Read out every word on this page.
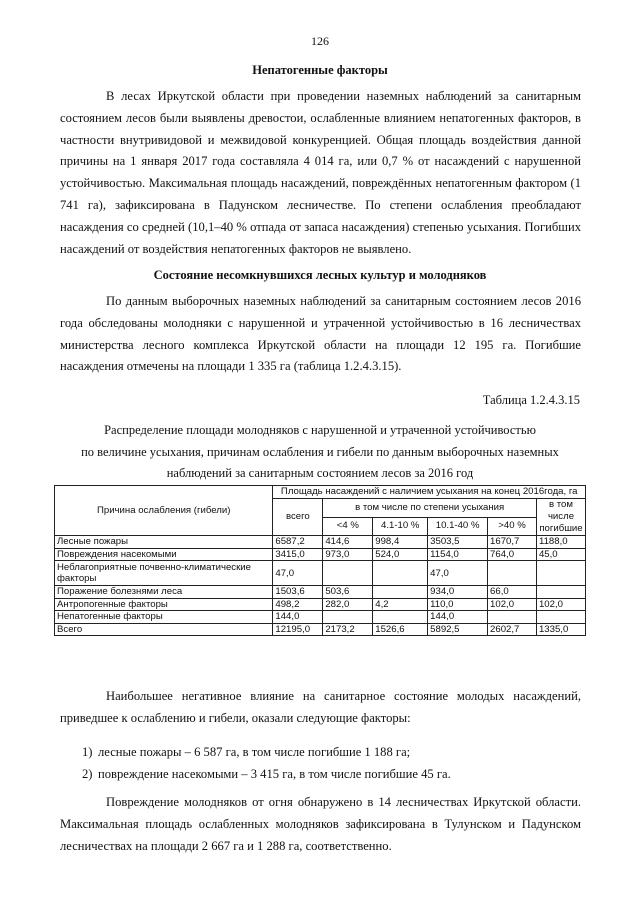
126
Непатогенные факторы

В лесах Иркутской области при проведении наземных наблюдений за санитарным состоянием лесов были выявлены древостои, ослабленные влиянием непатогенных факторов, в частности внутривидовой и межвидовой конкуренцией. Общая площадь воздействия данной причины на 1 января 2017 года составляла 4 014 га, или 0,7 % от насаждений с нарушенной устойчивостью. Максимальная площадь насаждений, повреждённых непатогенным фактором (1 741 га), зафиксирована в Падунском лесничестве. По степени ослабления преобладают насаждения со средней (10,1–40 % отпада от запаса насаждения) степенью усыхания. Погибших насаждений от воздействия непатогенных факторов не выявлено.

Состояние несомкнувшихся лесных культур и молодняков

По данным выборочных наземных наблюдений за санитарным состоянием лесов 2016 года обследованы молодняки с нарушенной и утраченной устойчивостью в 16 лесничествах министерства лесного комплекса Иркутской области на площади 12 195 га. Погибшие насаждения отмечены на площади 1 335 га (таблица 1.2.4.3.15).

Таблица 1.2.4.3.15
Распределение площади молодняков с нарушенной и утраченной устойчивостью
по величине усыхания, причинам ослабления и гибели по данным выборочных наземных
наблюдений за санитарным состоянием лесов за 2016 год
Причина ослабления (гибели)	Площадь насаждений с наличием усыхания на конец 2016года, га					
	всего	в том числе по степени усыхания				в том числе погибшие
		<4 %	4.1-10 %	10.1-40 %	>40 %	
Лесные пожары	6587,2	414,6	998,4	3503,5	1670,7	1188,0
Повреждения насекомыми	3415,0	973,0	524,0	1154,0	764,0	45,0
Неблагоприятные почвенно-климатические факторы	47,0			47,0		
Поражение болезнями леса	1503,6	503,6		934,0	66,0	
Антропогенные факторы	498,2	282,0	4,2	110,0	102,0	102,0
Непатогенные факторы	144,0			144,0		
Всего	12195,0	2173,2	1526,6	5892,5	2602,7	1335,0

Наибольшее негативное влияние на санитарное состояние молодых насаждений, приведшее к ослаблению и гибели, оказали следующие факторы:

1) лесные пожары – 6 587 га, в том числе погибшие 1 188 га;
2) повреждение насекомыми – 3 415 га, в том числе погибшие 45 га.

Повреждение молодняков от огня обнаружено в 14 лесничествах Иркутской области. Максимальная площадь ослабленных молодняков зафиксирована в Тулунском и Падунском лесничествах на площади 2 667 га и 1 288 га, соответственно.
